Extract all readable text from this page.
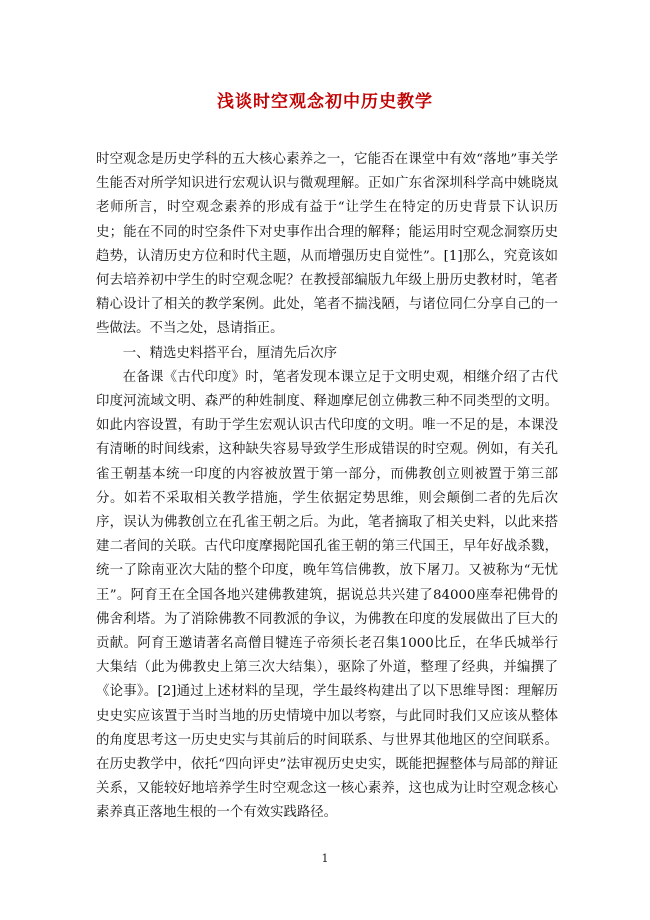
浅谈时空观念初中历史教学

时空观念是历史学科的五大核心素养之一，它能否在课堂中有效“落地”事关学生能否对所学知识进行宏观认识与微观理解。正如广东省深圳科学高中姚晓岚老师所言，时空观念素养的形成有益于“让学生在特定的历史背景下认识历史；能在不同的时空条件下对史事作出合理的解释；能运用时空观念洞察历史趋势，认清历史方位和时代主题，从而增强历史自觉性”。[1]那么，究竟该如何去培养初中学生的时空观念呢？在教授部编版九年级上册历史教材时，笔者精心设计了相关的教学案例。此处，笔者不揣浅陋，与诸位同仁分享自己的一些做法。不当之处，恳请指正。

一、精选史料搭平台，厘清先后次序

在备课《古代印度》时，笔者发现本课立足于文明史观，相继介绍了古代印度河流域文明、森严的种姓制度、释迦摩尼创立佛教三种不同类型的文明。如此内容设置，有助于学生宏观认识古代印度的文明。唯一不足的是，本课没有清晰的时间线索，这种缺失容易导致学生形成错误的时空观。例如，有关孔雀王朝基本统一印度的内容被放置于第一部分，而佛教创立则被置于第三部分。如若不采取相关教学措施，学生依据定势思维，则会颠倒二者的先后次序，误认为佛教创立在孔雀王朝之后。为此，笔者摘取了相关史料，以此来搭建二者间的关联。古代印度摩揭陀国孔雀王朝的第三代国王，早年好战杀戮，统一了除南亚次大陆的整个印度，晚年笃信佛教，放下屠刀。又被称为“无忧王”。阿育王在全国各地兴建佛教建筑，据说总共兴建了84000座奉祀佛骨的佛舍利塔。为了消除佛教不同教派的争议，为佛教在印度的发展做出了巨大的贡献。阿育王邀请著名高僧目犍连子帝须长老召集1000比丘，在华氏城举行大集结（此为佛教史上第三次大结集），驱除了外道，整理了经典，并编撰了《论事》。[2]通过上述材料的呈现，学生最终构建出了以下思维导图：理解历史史实应该置于当时当地的历史情境中加以考察，与此同时我们又应该从整体的角度思考这一历史史实与其前后的时间联系、与世界其他地区的空间联系。在历史教学中，依托“四向评史”法审视历史史实，既能把握整体与局部的辩证关系，又能较好地培养学生时空观念这一核心素养，这也成为让时空观念核心素养真正落地生根的一个有效实践路径。

1
